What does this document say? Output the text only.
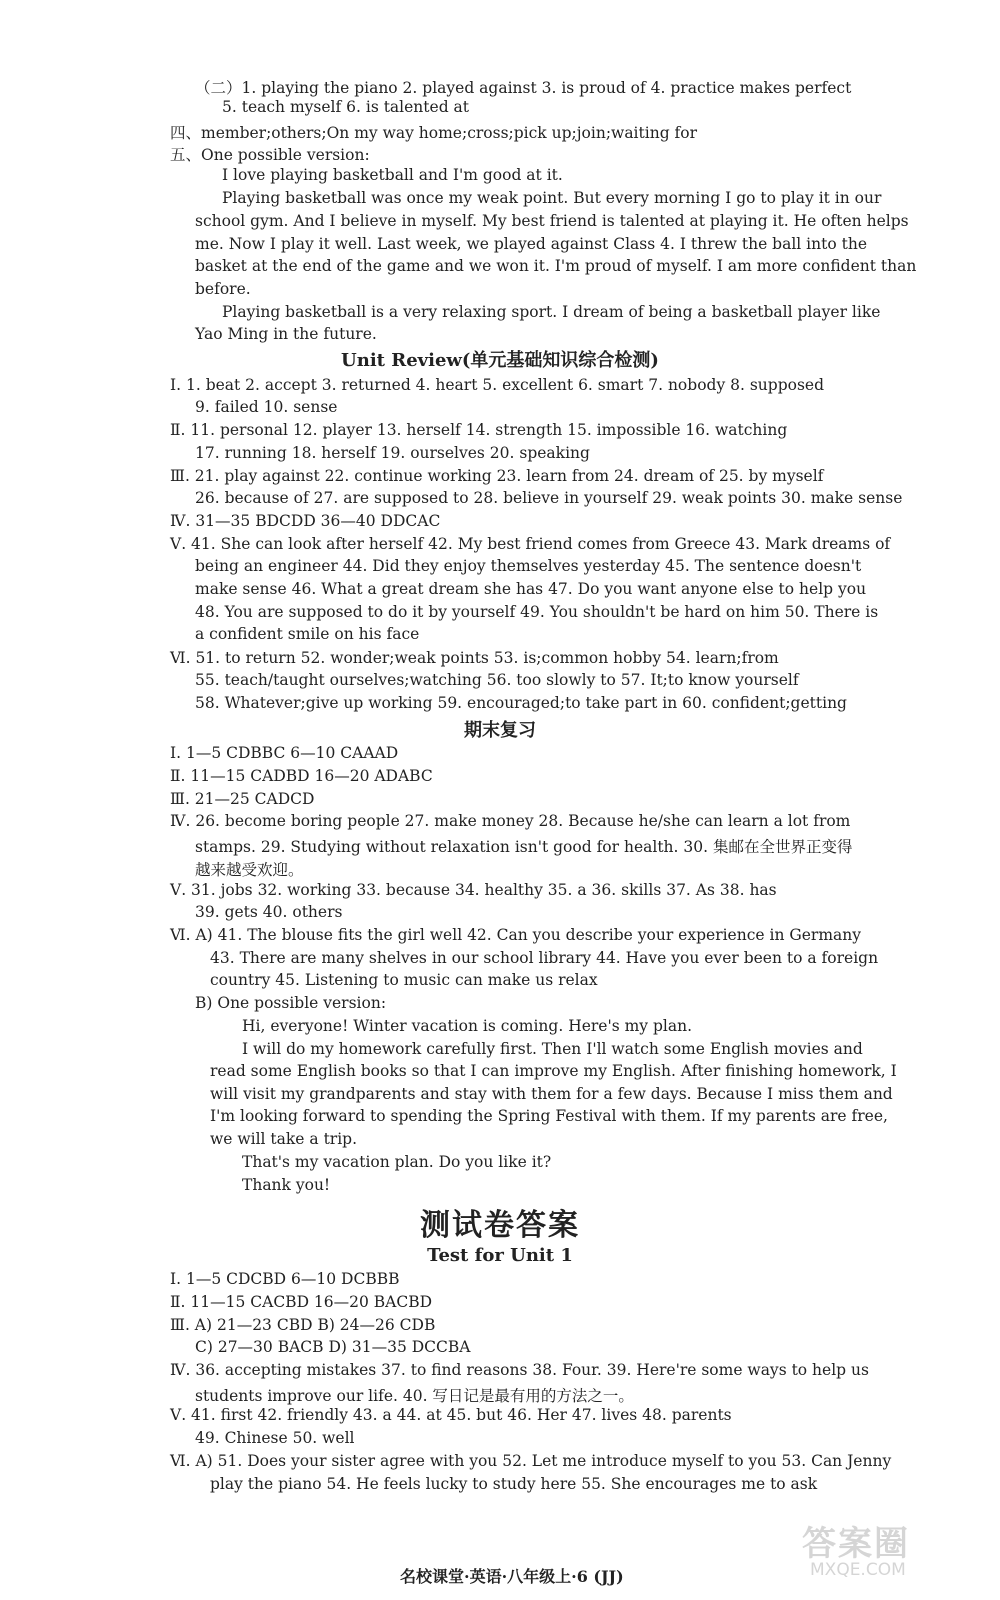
（二）1. playing the piano 2. played against 3. is proud of 4. practice makes perfect
5. teach myself 6. is talented at
四、member;others;On my way home;cross;pick up;join;waiting for
五、One possible version:
I love playing basketball and I'm good at it.
Playing basketball was once my weak point. But every morning I go to play it in our
school gym. And I believe in myself. My best friend is talented at playing it. He often helps
me. Now I play it well. Last week, we played against Class 4. I threw the ball into the
basket at the end of the game and we won it. I'm proud of myself. I am more confident than
before.
Playing basketball is a very relaxing sport. I dream of being a basketball player like
Yao Ming in the future.
Unit Review(单元基础知识综合检测)
Ⅰ. 1. beat 2. accept 3. returned 4. heart 5. excellent 6. smart 7. nobody 8. supposed
9. failed 10. sense
Ⅱ. 11. personal 12. player 13. herself 14. strength 15. impossible 16. watching
17. running 18. herself 19. ourselves 20. speaking
Ⅲ. 21. play against 22. continue working 23. learn from 24. dream of 25. by myself
26. because of 27. are supposed to 28. believe in yourself 29. weak points 30. make sense
Ⅳ. 31—35 BDCDD 36—40 DDCAC
Ⅴ. 41. She can look after herself 42. My best friend comes from Greece 43. Mark dreams of
being an engineer 44. Did they enjoy themselves yesterday 45. The sentence doesn't
make sense 46. What a great dream she has 47. Do you want anyone else to help you
48. You are supposed to do it by yourself 49. You shouldn't be hard on him 50. There is
a confident smile on his face
Ⅵ. 51. to return 52. wonder;weak points 53. is;common hobby 54. learn;from
55. teach/taught ourselves;watching 56. too slowly to 57. It;to know yourself
58. Whatever;give up working 59. encouraged;to take part in 60. confident;getting
期末复习
Ⅰ. 1—5 CDBBC 6—10 CAAAD
Ⅱ. 11—15 CADBD 16—20 ADABC
Ⅲ. 21—25 CADCD
Ⅳ. 26. become boring people 27. make money 28. Because he/she can learn a lot from
stamps. 29. Studying without relaxation isn't good for health. 30. 集邮在全世界正变得
越来越受欢迎。
Ⅴ. 31. jobs 32. working 33. because 34. healthy 35. a 36. skills 37. As 38. has
39. gets 40. others
Ⅵ. A) 41. The blouse fits the girl well 42. Can you describe your experience in Germany
43. There are many shelves in our school library 44. Have you ever been to a foreign
country 45. Listening to music can make us relax
B) One possible version:
Hi, everyone! Winter vacation is coming. Here's my plan.
I will do my homework carefully first. Then I'll watch some English movies and
read some English books so that I can improve my English. After finishing homework, I
will visit my grandparents and stay with them for a few days. Because I miss them and
I'm looking forward to spending the Spring Festival with them. If my parents are free,
we will take a trip.
That's my vacation plan. Do you like it?
Thank you!
测试卷答案
Test for Unit 1
Ⅰ. 1—5 CDCBD 6—10 DCBBB
Ⅱ. 11—15 CACBD 16—20 BACBD
Ⅲ. A) 21—23 CBD B) 24—26 CDB
C) 27—30 BACB D) 31—35 DCCBA
Ⅳ. 36. accepting mistakes 37. to find reasons 38. Four. 39. Here're some ways to help us
students improve our life. 40. 写日记是最有用的方法之一。
Ⅴ. 41. first 42. friendly 43. a 44. at 45. but 46. Her 47. lives 48. parents
49. Chinese 50. well
Ⅵ. A) 51. Does your sister agree with you 52. Let me introduce myself to you 53. Can Jenny
play the piano 54. He feels lucky to study here 55. She encourages me to ask
名校课堂·英语·八年级上·6 (JJ)
答案圈
MXQE.COM
